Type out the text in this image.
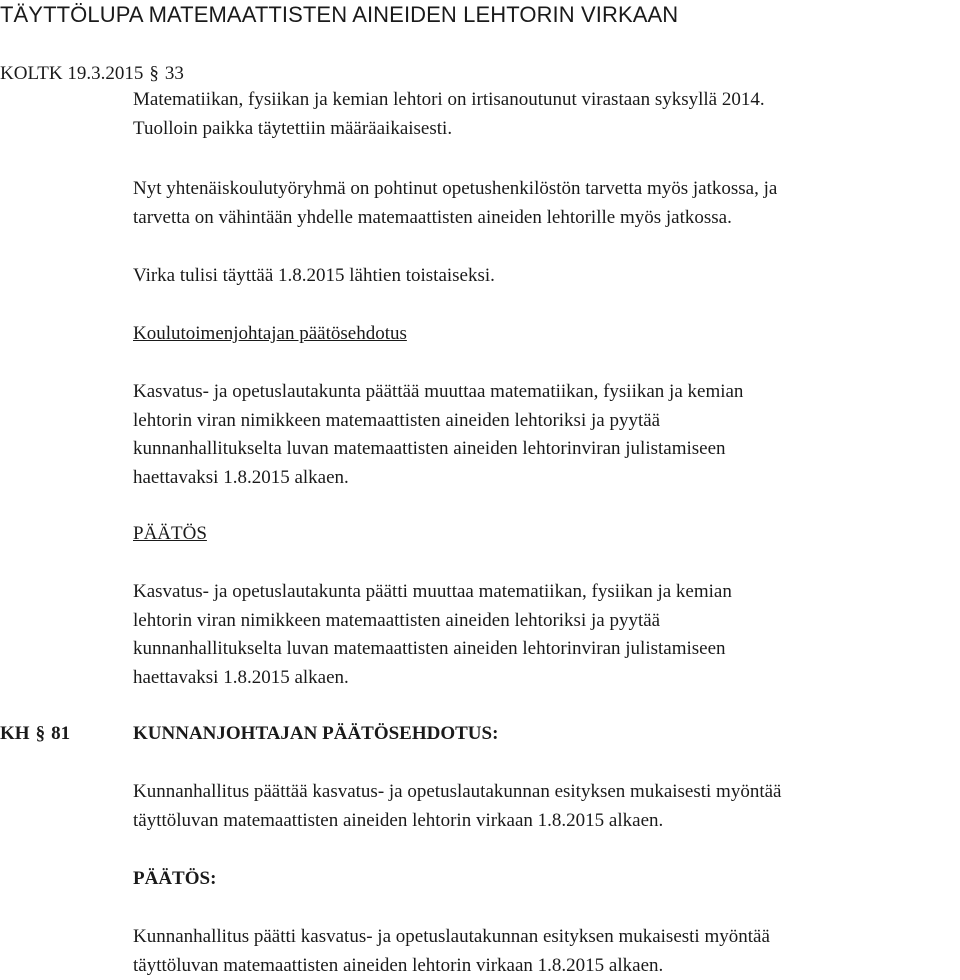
TÄYTTÖLUPA MATEMAATTISTEN AINEIDEN LEHTORIN VIRKAAN
KOLTK 19.3.2015 § 33

Matematiikan, fysiikan ja kemian lehtori on irtisanoutunut virastaan syksyllä 2014.
Tuolloin paikka täytettiin määräaikaisesti.

Nyt yhtenäiskoulutyöryhmä on pohtinut opetushenkilöstön tarvetta myös jatkossa, ja
tarvetta on vähintään yhdelle matemaattisten aineiden lehtorille myös jatkossa.

Virka tulisi täyttää 1.8.2015 lähtien toistaiseksi.

Koulutoimenjohtajan päätösehdotus

Kasvatus- ja opetuslautakunta päättää muuttaa matematiikan, fysiikan ja kemian
lehtorin viran nimikkeen matemaattisten aineiden lehtoriksi ja pyytää
kunnanhallitukselta luvan matemaattisten aineiden lehtorinviran julistamiseen
haettavaksi 1.8.2015 alkaen.

PÄÄTÖS

Kasvatus- ja opetuslautakunta päätti muuttaa matematiikan, fysiikan ja kemian
lehtorin viran nimikkeen matemaattisten aineiden lehtoriksi ja pyytää
kunnanhallitukselta luvan matemaattisten aineiden lehtorinviran julistamiseen
haettavaksi 1.8.2015 alkaen.

KH § 81	KUNNANJOHTAJAN PÄÄTÖSEHDOTUS:

Kunnanhallitus päättää kasvatus- ja opetuslautakunnan esityksen mukaisesti myöntää
täyttöluvan matemaattisten aineiden lehtorin virkaan 1.8.2015 alkaen.

PÄÄTÖS:

Kunnanhallitus päätti kasvatus- ja opetuslautakunnan esityksen mukaisesti myöntää
täyttöluvan matemaattisten aineiden lehtorin virkaan 1.8.2015 alkaen.
